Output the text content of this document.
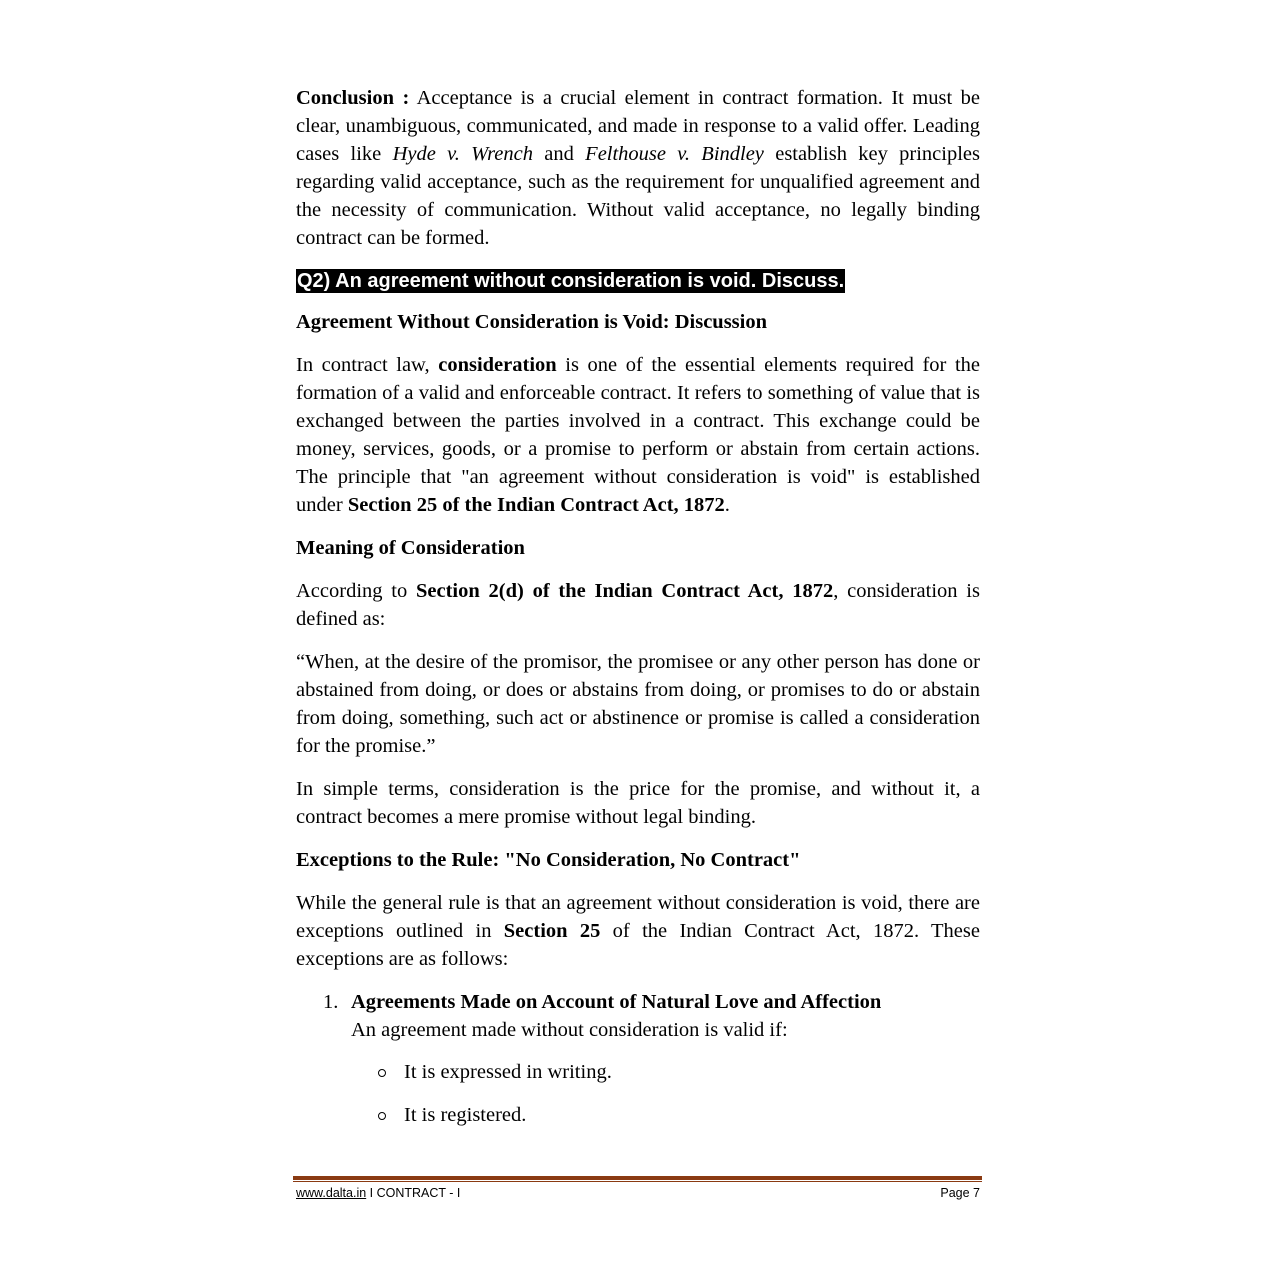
Conclusion : Acceptance is a crucial element in contract formation. It must be clear, unambiguous, communicated, and made in response to a valid offer. Leading cases like Hyde v. Wrench and Felthouse v. Bindley establish key principles regarding valid acceptance, such as the requirement for unqualified agreement and the necessity of communication. Without valid acceptance, no legally binding contract can be formed.

Q2) An agreement without consideration is void. Discuss.
Agreement Without Consideration is Void: Discussion

In contract law, consideration is one of the essential elements required for the formation of a valid and enforceable contract. It refers to something of value that is exchanged between the parties involved in a contract. This exchange could be money, services, goods, or a promise to perform or abstain from certain actions. The principle that "an agreement without consideration is void" is established under Section 25 of the Indian Contract Act, 1872.

Meaning of Consideration

According to Section 2(d) of the Indian Contract Act, 1872, consideration is defined as:

“When, at the desire of the promisor, the promisee or any other person has done or abstained from doing, or does or abstains from doing, or promises to do or abstain from doing, something, such act or abstinence or promise is called a consideration for the promise.”

In simple terms, consideration is the price for the promise, and without it, a contract becomes a mere promise without legal binding.

Exceptions to the Rule: "No Consideration, No Contract"

While the general rule is that an agreement without consideration is void, there are exceptions outlined in Section 25 of the Indian Contract Act, 1872. These exceptions are as follows:

1. Agreements Made on Account of Natural Love and Affection
An agreement made without consideration is valid if:
It is expressed in writing.
It is registered.
www.dalta.in I CONTRACT - I	Page 7
